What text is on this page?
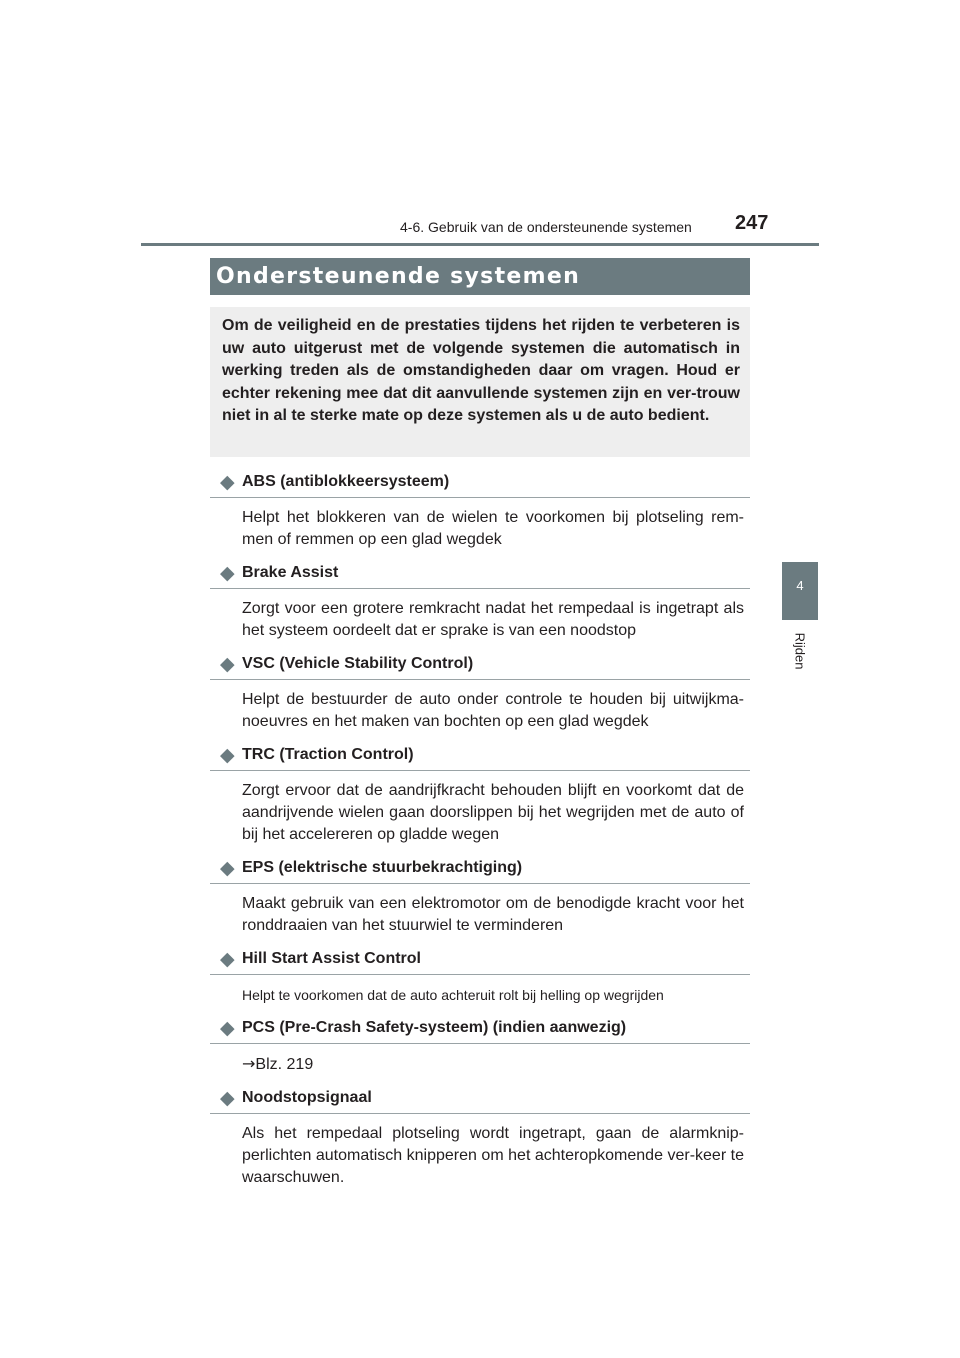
4-6. Gebruik van de ondersteunende systemen 247
4
Rijden
Ondersteunende systemen

Om de veiligheid en de prestaties tijdens het rijden te verbeteren is uw auto uitgerust met de volgende systemen die automatisch in werking treden als de omstandigheden daar om vragen. Houd er echter rekening mee dat dit aanvullende systemen zijn en ver-trouw niet in al te sterke mate op deze systemen als u de auto bedient.

◆ ABS (antiblokkeersysteem)
Helpt het blokkeren van de wielen te voorkomen bij plotseling rem-men of remmen op een glad wegdek
◆ Brake Assist
Zorgt voor een grotere remkracht nadat het rempedaal is ingetrapt als het systeem oordeelt dat er sprake is van een noodstop
◆ VSC (Vehicle Stability Control)
Helpt de bestuurder de auto onder controle te houden bij uitwijkma-noeuvres en het maken van bochten op een glad wegdek
◆ TRC (Traction Control)
Zorgt ervoor dat de aandrijfkracht behouden blijft en voorkomt dat de aandrijvende wielen gaan doorslippen bij het wegrijden met de auto of bij het accelereren op gladde wegen
◆ EPS (elektrische stuurbekrachtiging)
Maakt gebruik van een elektromotor om de benodigde kracht voor het ronddraaien van het stuurwiel te verminderen
◆ Hill Start Assist Control
Helpt te voorkomen dat de auto achteruit rolt bij helling op wegrijden
◆ PCS (Pre-Crash Safety-systeem) (indien aanwezig)
→Blz. 219
◆ Noodstopsignaal
Als het rempedaal plotseling wordt ingetrapt, gaan de alarmknip-perlichten automatisch knipperen om het achteropkomende ver-keer te waarschuwen.
